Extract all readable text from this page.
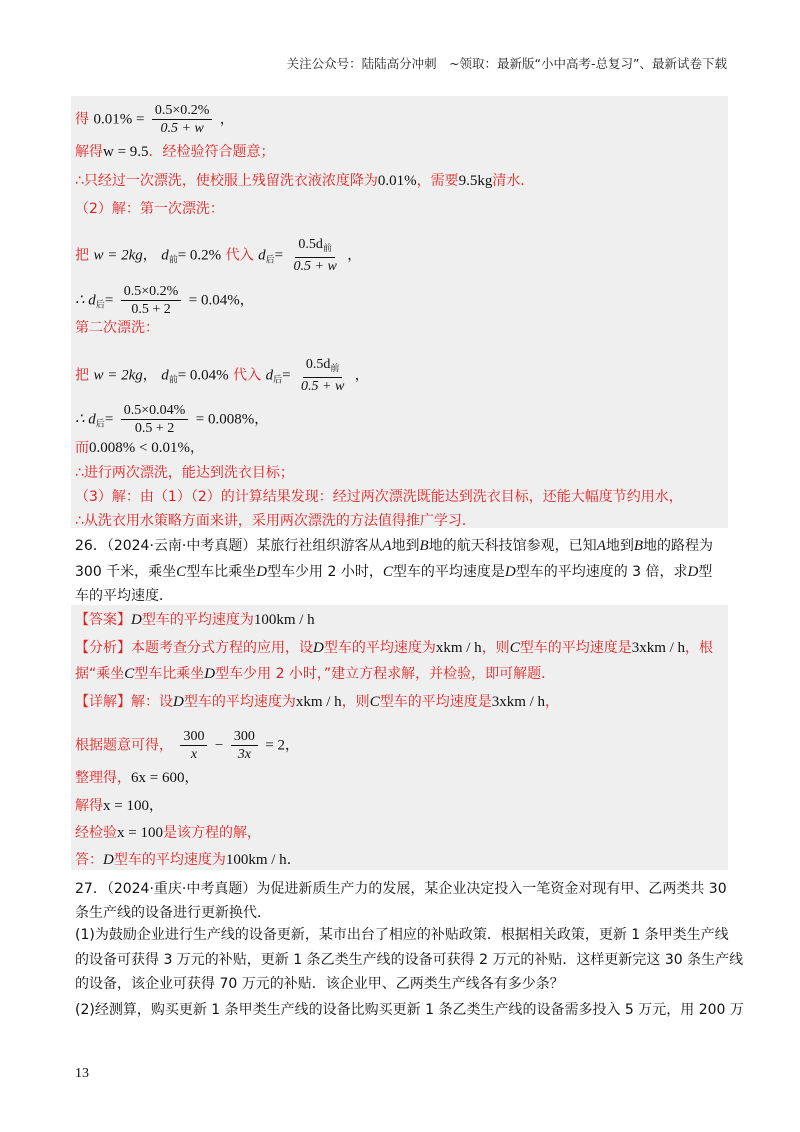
关注公众号：陆陆高分冲刺　~领取：最新版“小中高考-总复习”、最新试卷下载
得 $0.01\% = \frac{0.5\times 0.2\%}{0.5 + w}$ ，
解得w = 9.5．经检验符合题意；
∴只经过一次漂洗，使校服上残留洗衣液浓度降为0.01%，需要9.5kg清水．
（2）解：第一次漂洗：
把 w = 2kg， $d_前= 0.2\%$ 代入 $d_后= \frac{0.5d_前}{0.5 + w}$ ，
∴ $d_后= \frac{0.5\times 0.2\%}{0.5 + 2} = 0.04\%$，
第二次漂洗：
把 w = 2kg， $d_前= 0.04\%$ 代入 $d_后= \frac{0.5d_前}{0.5 + w}$ ，
∴ $d_后= \frac{0.5\times 0.04\%}{0.5 + 2} = 0.008\%$，
而0.008% < 0.01%，
∴进行两次漂洗，能达到洗衣目标；
（3）解：由（1）（2）的计算结果发现：经过两次漂洗既能达到洗衣目标，还能大幅度节约用水，
∴从洗衣用水策略方面来讲，采用两次漂洗的方法值得推广学习．
26．（2024·云南·中考真题）某旅行社组织游客从A地到B地的航天科技馆参观，已知A地到B地的路程为
300 千米，乘坐C型车比乘坐D型车少用 2 小时，C型车的平均速度是D型车的平均速度的 3 倍，求D型
车的平均速度．
【答案】D型车的平均速度为100km / h
【分析】本题考查分式方程的应用，设D型车的平均速度为xkm / h，则C型车的平均速度是3xkm / h，根
据“乘坐C型车比乘坐D型车少用 2 小时，”建立方程求解，并检验，即可解题．
【详解】解：设D型车的平均速度为xkm / h，则C型车的平均速度是3xkm / h，
根据题意可得， $\frac{300}{x} - \frac{300}{3x} = 2$，
整理得，6x = 600，
解得x = 100，
经检验x = 100是该方程的解，
答：D型车的平均速度为100km / h．
27．（2024·重庆·中考真题）为促进新质生产力的发展，某企业决定投入一笔资金对现有甲、乙两类共 30
条生产线的设备进行更新换代．
(1)为鼓励企业进行生产线的设备更新，某市出台了相应的补贴政策．根据相关政策，更新 1 条甲类生产线
的设备可获得 3 万元的补贴，更新 1 条乙类生产线的设备可获得 2 万元的补贴．这样更新完这 30 条生产线
的设备，该企业可获得 70 万元的补贴．该企业甲、乙两类生产线各有多少条？
(2)经测算，购买更新 1 条甲类生产线的设备比购买更新 1 条乙类生产线的设备需多投入 5 万元，用 200 万
13
